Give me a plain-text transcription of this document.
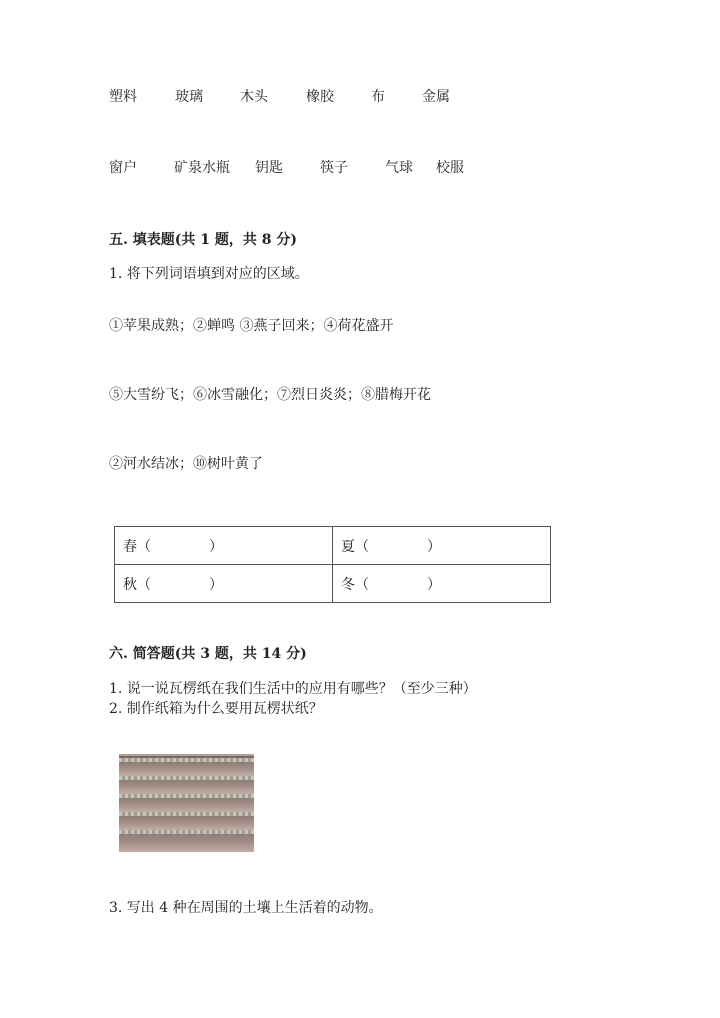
塑料	玻璃	木头	橡胶	布	金属
窗户	矿泉水瓶 钥匙	筷子	气球 校服
五. 填表题(共 1 题，共 8 分)
1. 将下列词语填到对应的区域。
①苹果成熟；②蝉鸣 ③燕子回来；④荷花盛开
⑤大雪纷飞；⑥冰雪融化；⑦烈日炎炎；⑧腊梅开花
②河水结冰；⑩树叶黄了
春（ ）	夏（ ）
秋（ ）	冬（ ）
六. 简答题(共 3 题，共 14 分)
1. 说一说瓦楞纸在我们生活中的应用有哪些？（至少三种）
2. 制作纸箱为什么要用瓦楞状纸？
3. 写出 4 种在周围的土壤上生活着的动物。
